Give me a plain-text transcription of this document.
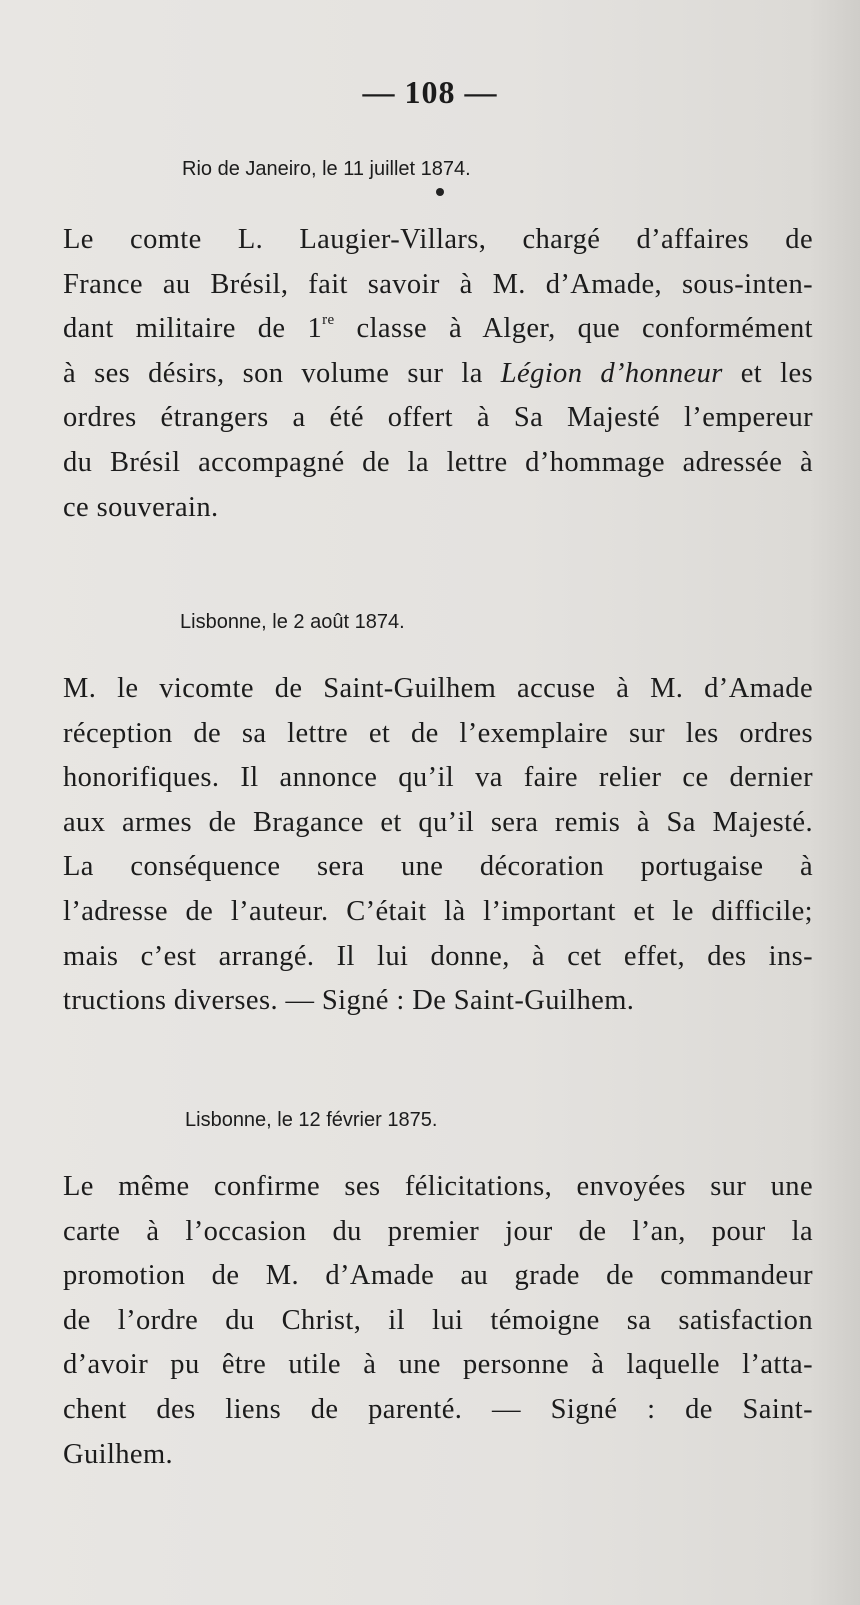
— 108 —
Rio de Janeiro, le 11 juillet 1874.
Le comte L. Laugier-Villars, chargé d’affaires de
France au Brésil, fait savoir à M. d’Amade, sous-inten-
dant militaire de 1re classe à Alger, que conformément
à ses désirs, son volume sur la Légion d’honneur et les
ordres étrangers a été offert à Sa Majesté l’empereur
du Brésil accompagné de la lettre d’hommage adressée à
ce souverain.
Lisbonne, le 2 août 1874.
M. le vicomte de Saint-Guilhem accuse à M. d’Amade
réception de sa lettre et de l’exemplaire sur les ordres
honorifiques. Il annonce qu’il va faire relier ce dernier
aux armes de Bragance et qu’il sera remis à Sa Majesté.
La conséquence sera une décoration portugaise à
l’adresse de l’auteur. C’était là l’important et le difficile;
mais c’est arrangé. Il lui donne, à cet effet, des ins-
tructions diverses. — Signé : De Saint-Guilhem.
Lisbonne, le 12 février 1875.
Le même confirme ses félicitations, envoyées sur une
carte à l’occasion du premier jour de l’an, pour la
promotion de M. d’Amade au grade de commandeur
de l’ordre du Christ, il lui témoigne sa satisfaction
d’avoir pu être utile à une personne à laquelle l’atta-
chent des liens de parenté. — Signé : de Saint-
Guilhem.
